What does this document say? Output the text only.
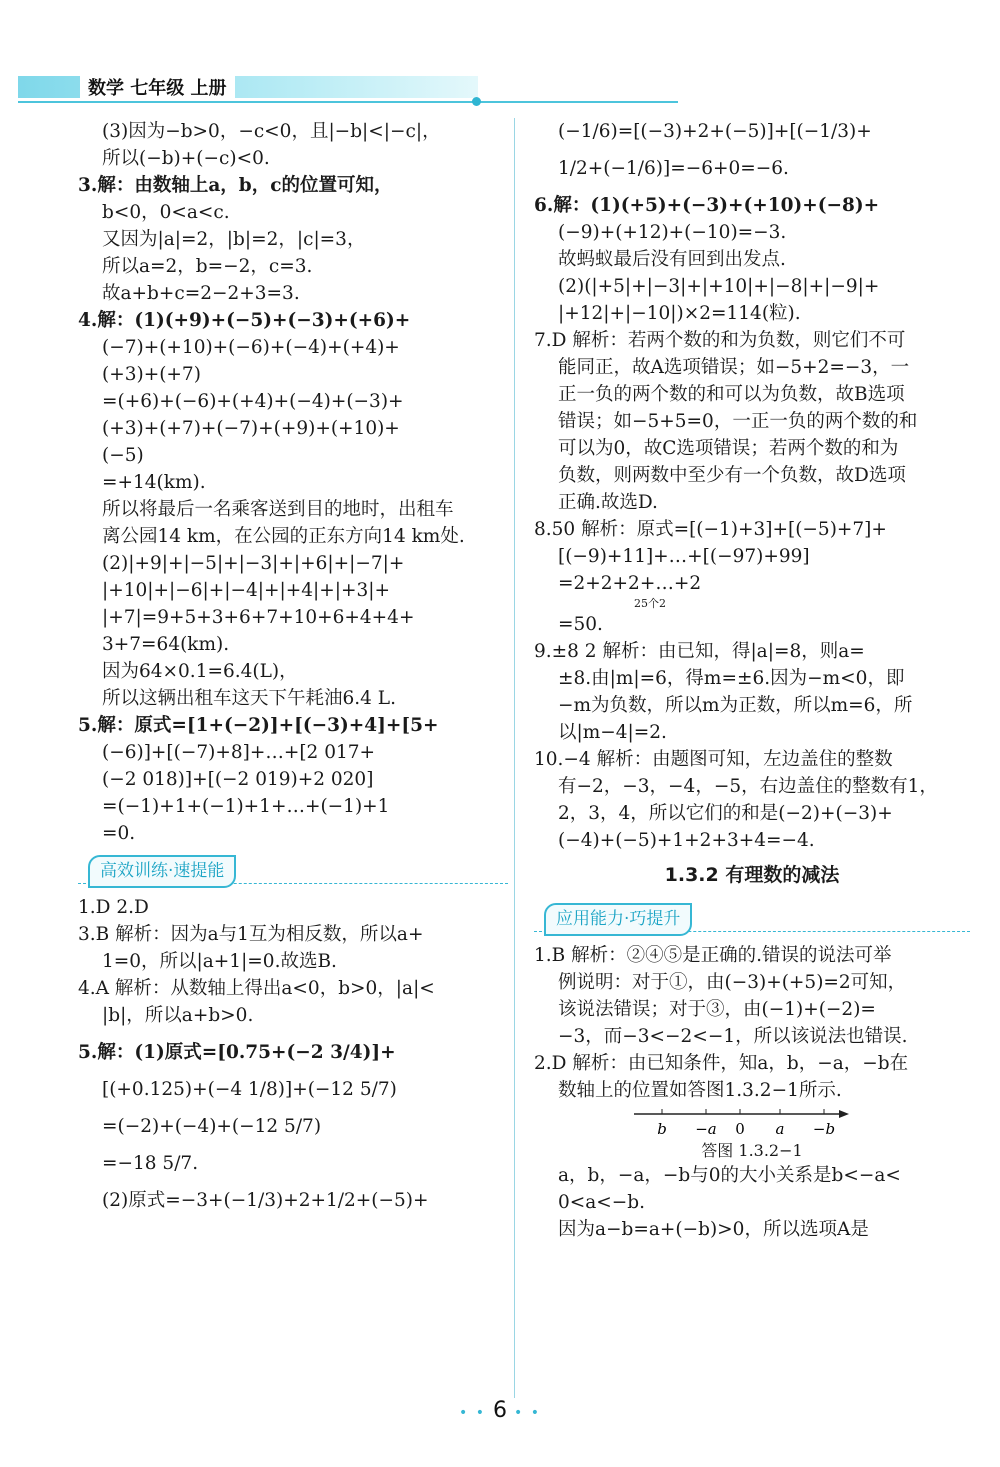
数学 七年级 上册
(3)因为−b>0，−c<0，且|−b|<|−c|，
所以(−b)+(−c)<0.
3.解：由数轴上a，b，c的位置可知，
b<0，0<a<c.
又因为|a|=2，|b|=2，|c|=3，
所以a=2，b=−2，c=3.
故a+b+c=2−2+3=3.
4.解：(1)(+9)+(−5)+(−3)+(+6)+
(−7)+(+10)+(−6)+(−4)+(+4)+
(+3)+(+7)
=(+6)+(−6)+(+4)+(−4)+(−3)+
(+3)+(+7)+(−7)+(+9)+(+10)+
(−5)
=+14(km).
所以将最后一名乘客送到目的地时，出租车
离公园14 km，在公园的正东方向14 km处.
(2)|+9|+|−5|+|−3|+|+6|+|−7|+
|+10|+|−6|+|−4|+|+4|+|+3|+
|+7|=9+5+3+6+7+10+6+4+4+
3+7=64(km).
因为64×0.1=6.4(L)，
所以这辆出租车这天下午耗油6.4 L.
5.解：原式=[1+(−2)]+[(−3)+4]+[5+
(−6)]+[(−7)+8]+…+[2 017+
(−2 018)]+[(−2 019)+2 020]
=(−1)+1+(−1)+1+…+(−1)+1
=0.
高效训练·速提能
1.D 2.D
3.B 解析：因为a与1互为相反数，所以a+
1=0，所以|a+1|=0.故选B.
4.A 解析：从数轴上得出a<0，b>0，|a|<
|b|，所以a+b>0.
5.解：(1)原式=[0.75+(−2 3/4)]+
[(+0.125)+(−4 1/8)]+(−12 5/7)
=(−2)+(−4)+(−12 5/7)
=−18 5/7.
(2)原式=−3+(−1/3)+2+1/2+(−5)+
(−1/6)=[(−3)+2+(−5)]+[(−1/3)+
1/2+(−1/6)]=−6+0=−6.
6.解：(1)(+5)+(−3)+(+10)+(−8)+
(−9)+(+12)+(−10)=−3.
故蚂蚁最后没有回到出发点.
(2)(|+5|+|−3|+|+10|+|−8|+|−9|+
|+12|+|−10|)×2=114(粒).
7.D 解析：若两个数的和为负数，则它们不可
能同正，故A选项错误；如−5+2=−3，一
正一负的两个数的和可以为负数，故B选项
错误；如−5+5=0，一正一负的两个数的和
可以为0，故C选项错误；若两个数的和为
负数，则两数中至少有一个负数，故D选项
正确.故选D.
8.50 解析：原式=[(−1)+3]+[(−5)+7]+
[(−9)+11]+…+[(−97)+99]
=2+2+2+…+2
25个2
=50.
9.±8 2 解析：由已知，得|a|=8，则a=
±8.由|m|=6，得m=±6.因为−m<0，即
−m为负数，所以m为正数，所以m=6，所
以|m−4|=2.
10.−4 解析：由题图可知，左边盖住的整数
有−2，−3，−4，−5，右边盖住的整数有1，
2，3，4，所以它们的和是(−2)+(−3)+
(−4)+(−5)+1+2+3+4=−4.
1.3.2 有理数的减法
应用能力·巧提升
1.B 解析：②④⑤是正确的.错误的说法可举
例说明：对于①，由(−3)+(+5)=2可知，
该说法错误；对于③，由(−1)+(−2)=
−3，而−3<−2<−1，所以该说法也错误.
2.D 解析：由已知条件，知a，b，−a，−b在
数轴上的位置如答图1.3.2−1所示.
b −a 0 a −b
答图 1.3.2−1
a，b，−a，−b与0的大小关系是b<−a<
0<a<−b.
因为a−b=a+(−b)>0，所以选项A是
• • 6 • •
